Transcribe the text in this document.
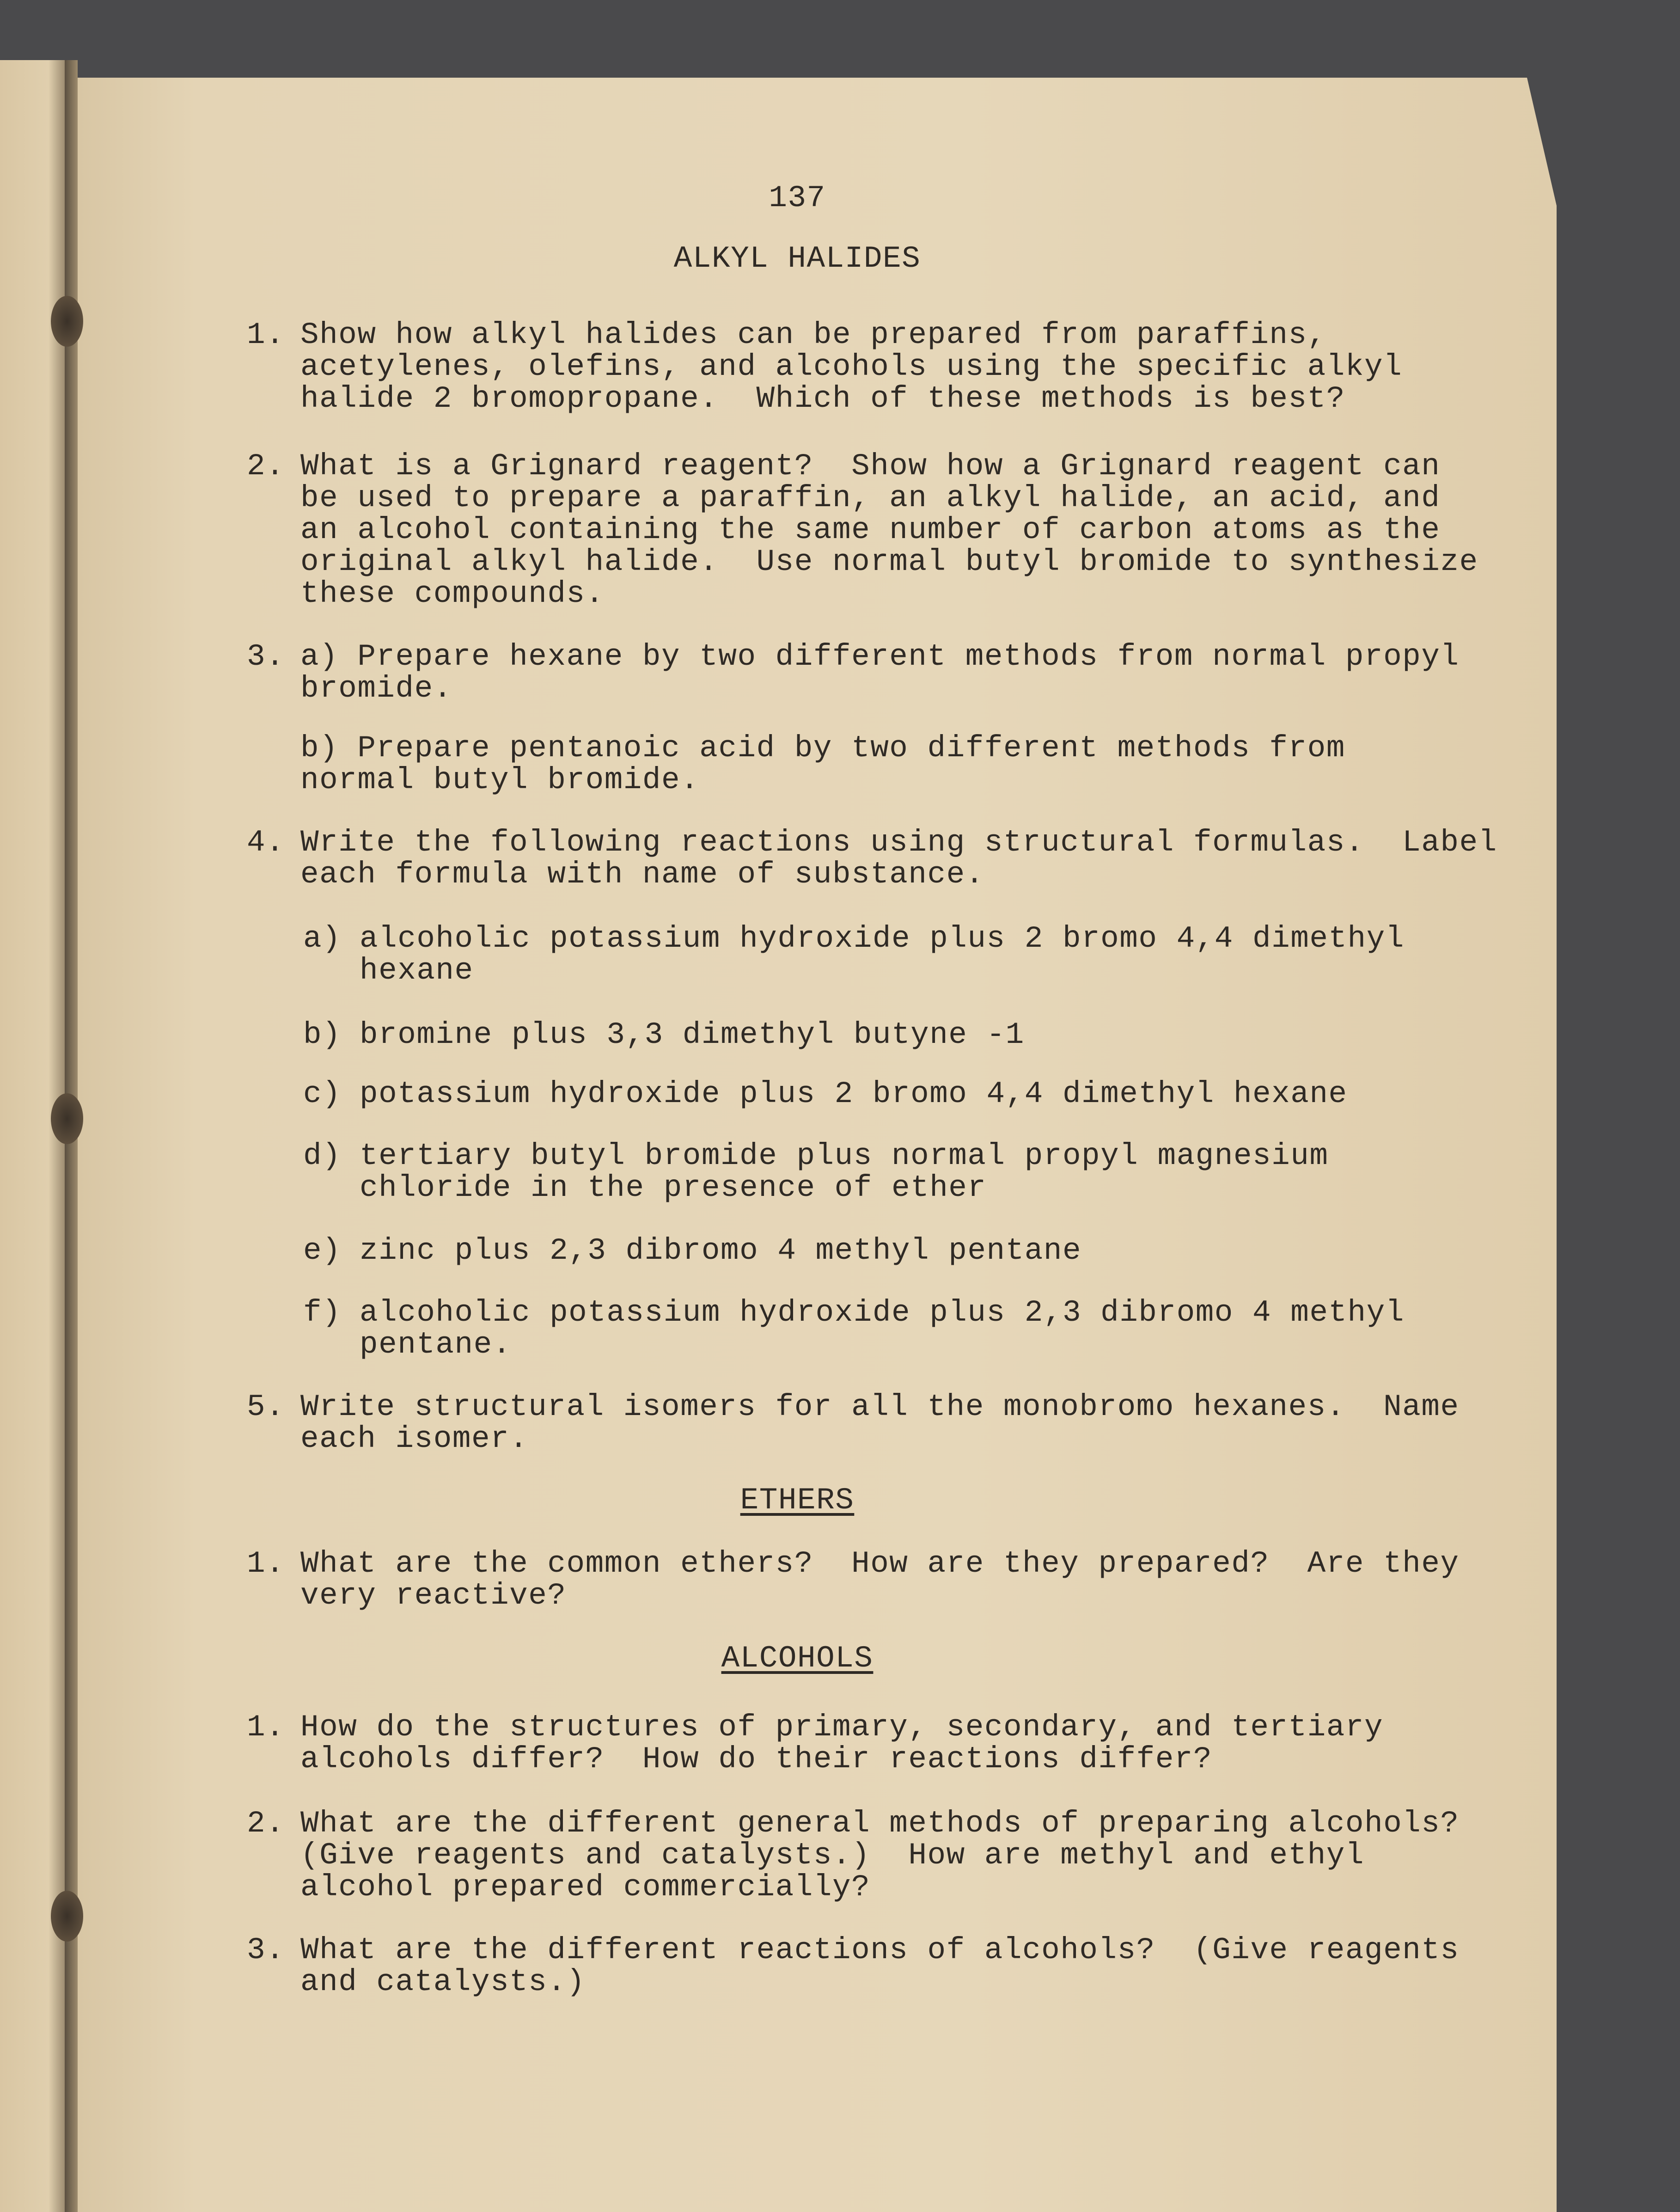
137
ALKYL HALIDES
1. Show how alkyl halides can be prepared from paraffins,
acetylenes, olefins, and alcohols using the specific alkyl
halide 2 bromopropane.  Which of these methods is best?
2. What is a Grignard reagent?  Show how a Grignard reagent can
be used to prepare a paraffin, an alkyl halide, an acid, and
an alcohol containing the same number of carbon atoms as the
original alkyl halide.  Use normal butyl bromide to synthesize
these compounds.
3. a) Prepare hexane by two different methods from normal propyl
bromide.
b) Prepare pentanoic acid by two different methods from
normal butyl bromide.
4. Write the following reactions using structural formulas.  Label
each formula with name of substance.
a) alcoholic potassium hydroxide plus 2 bromo 4,4 dimethyl
hexane
b) bromine plus 3,3 dimethyl butyne -1
c) potassium hydroxide plus 2 bromo 4,4 dimethyl hexane
d) tertiary butyl bromide plus normal propyl magnesium
chloride in the presence of ether
e) zinc plus 2,3 dibromo 4 methyl pentane
f) alcoholic potassium hydroxide plus 2,3 dibromo 4 methyl
pentane.
5. Write structural isomers for all the monobromo hexanes.  Name
each isomer.
ETHERS
1. What are the common ethers?  How are they prepared?  Are they
very reactive?
ALCOHOLS
1. How do the structures of primary, secondary, and tertiary
alcohols differ?  How do their reactions differ?
2. What are the different general methods of preparing alcohols?
(Give reagents and catalysts.)  How are methyl and ethyl
alcohol prepared commercially?
3. What are the different reactions of alcohols?  (Give reagents
and catalysts.)
